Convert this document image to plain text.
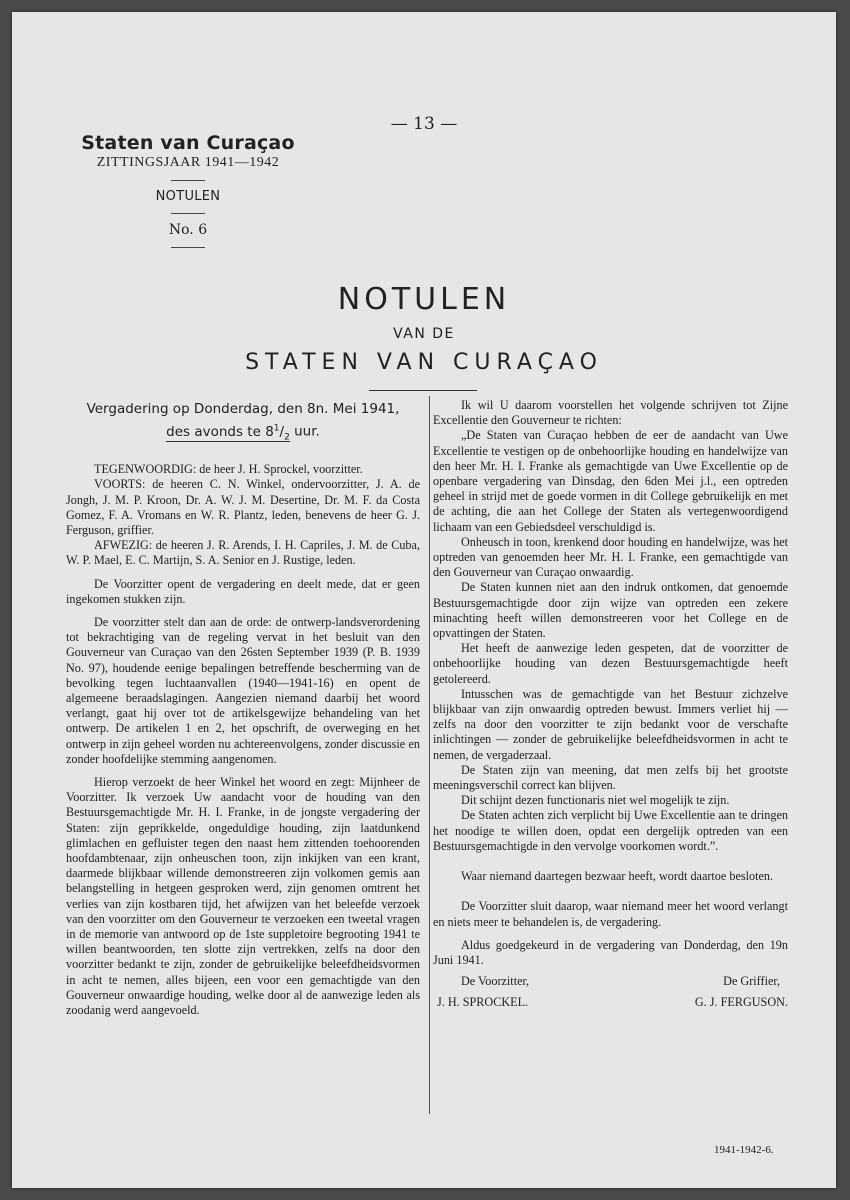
— 13 —
Staten van Curaçao
ZITTINGSJAAR 1941—1942
NOTULEN
No. 6
NOTULEN
VAN DE
STATEN VAN CURAÇAO
Vergadering op Donderdag, den 8n. Mei 1941,
des avonds te $8^1/_2$ uur.

TEGENWOORDIG: de heer J. H. Sprockel, voorzitter.

VOORTS: de heeren C. N. Winkel, ondervoorzitter, J. A. de Jongh, J. M. P. Kroon, Dr. A. W. J. M. Desertine, Dr. M. F. da Costa Gomez, F. A. Vromans en W. R. Plantz, leden, benevens de heer G. J. Ferguson, griffier.

AFWEZIG: de heeren J. R. Arends, I. H. Capriles, J. M. de Cuba, W. P. Mael, E. C. Martijn, S. A. Senior en J. Rustige, leden.

De Voorzitter opent de vergadering en deelt mede, dat er geen ingekomen stukken zijn.

De voorzitter stelt dan aan de orde: de ontwerp-landsverordening tot bekrachtiging van de regeling vervat in het besluit van den Gouverneur van Curaçao van den 26sten September 1939 (P. B. 1939 No. 97), houdende eenige bepalingen betreffende bescherming van de bevolking tegen luchtaanvallen (1940—1941-16) en opent de algemeene beraadslagingen. Aangezien niemand daarbij het woord verlangt, gaat hij over tot de artikelsgewijze behandeling van het ontwerp. De artikelen 1 en 2, het opschrift, de overweging en het ontwerp in zijn geheel worden nu achtereenvolgens, zonder discussie en zonder hoofdelijke stemming aangenomen.

Hierop verzoekt de heer Winkel het woord en zegt: Mijnheer de Voorzitter. Ik verzoek Uw aandacht voor de houding van den Bestuursgemachtigde Mr. H. I. Franke, in de jongste vergadering der Staten: zijn geprikkelde, ongeduldige houding, zijn laatdunkend glimlachen en gefluister tegen den naast hem zittenden toehoorenden hoofdambtenaar, zijn onheuschen toon, zijn inkijken van een krant, daarmede blijkbaar willende demonstreeren zijn volkomen gemis aan belangstelling in hetgeen gesproken werd, zijn genomen omtrent het verlies van zijn kostbaren tijd, het afwijzen van het beleefde verzoek van den voorzitter om den Gouverneur te verzoeken een tweetal vragen in de memorie van antwoord op de 1ste suppletoire begrooting 1941 te willen beantwoorden, ten slotte zijn vertrekken, zelfs na door den voorzitter bedankt te zijn, zonder de gebruikelijke beleefdheidsvormen in acht te nemen, alles bijeen, een voor een gemachtigde van den Gouverneur onwaardige houding, welke door al de aanwezige leden als zoodanig werd aangevoeld.

Ik wil U daarom voorstellen het volgende schrijven tot Zijne Excellentie den Gouverneur te richten:

„De Staten van Curaçao hebben de eer de aandacht van Uwe Excellentie te vestigen op de onbehoorlijke houding en handelwijze van den heer Mr. H. I. Franke als gemachtigde van Uwe Excellentie op de openbare vergadering van Dinsdag, den 6den Mei j.l., een optreden geheel in strijd met de goede vormen in dit College gebruikelijk en met de achting, die aan het College der Staten als vertegenwoordigend lichaam van een Gebiedsdeel verschuldigd is.

Onheusch in toon, krenkend door houding en handelwijze, was het optreden van genoemden heer Mr. H. I. Franke, een gemachtigde van den Gouverneur van Curaçao onwaardig.

De Staten kunnen niet aan den indruk ontkomen, dat genoemde Bestuursgemachtigde door zijn wijze van optreden een zekere minachting heeft willen demonstreeren voor het College en de opvattingen der Staten.

Het heeft de aanwezige leden gespeten, dat de voorzitter de onbehoorlijke houding van dezen Bestuursgemachtigde heeft getolereerd.

Intusschen was de gemachtigde van het Bestuur zichzelve blijkbaar van zijn onwaardig optreden bewust. Immers verliet hij — zelfs na door den voorzitter te zijn bedankt voor de verschafte inlichtingen — zonder de gebruikelijke beleefdheidsvormen in acht te nemen, de vergaderzaal.

De Staten zijn van meening, dat men zelfs bij het grootste meeningsverschil correct kan blijven.

Dit schijnt dezen functionaris niet wel mogelijk te zijn.

De Staten achten zich verplicht bij Uwe Excellentie aan te dringen het noodige te willen doen, opdat een dergelijk optreden van een Bestuursgemachtigde in den vervolge voorkomen wordt.”.

Waar niemand daartegen bezwaar heeft, wordt daartoe besloten.

De Voorzitter sluit daarop, waar niemand meer het woord verlangt en niets meer te behandelen is, de vergadering.

Aldus goedgekeurd in de vergadering van Donderdag, den 19n Juni 1941.

De Voorzitter,	De Griffier,
J. H. SPROCKEL.	G. J. FERGUSON.
1941-1942-6.
